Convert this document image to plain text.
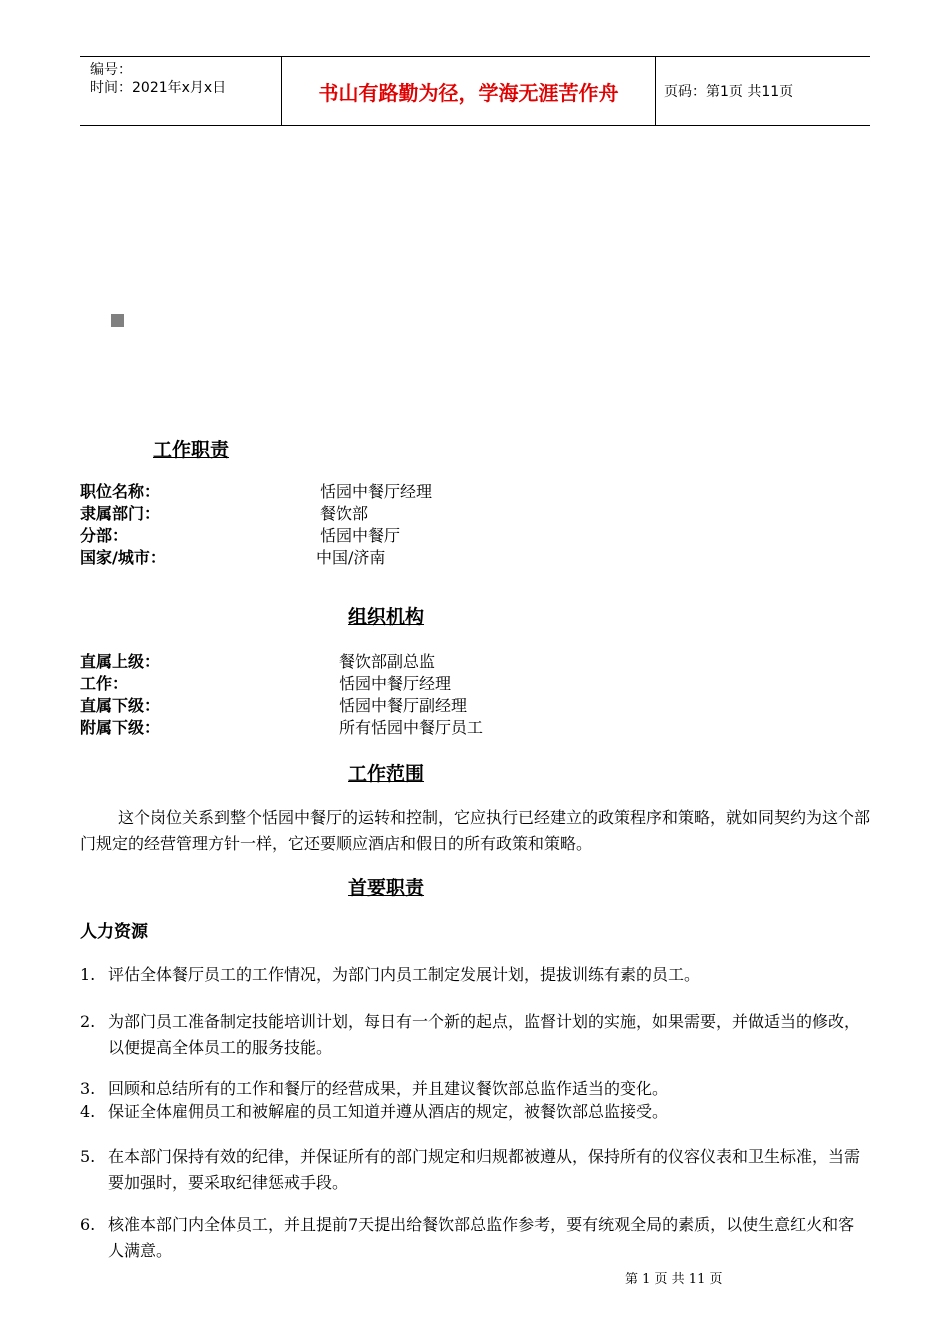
编号：
时间：2021年x月x日	书山有路勤为径，学海无涯苦作舟	页码：第1页 共11页
工作职责
职位名称：	恬园中餐厅经理
隶属部门：	餐饮部
分部：	恬园中餐厅
国家/城市：	中国/济南
组织机构
直属上级：	餐饮部副总监
工作：	恬园中餐厅经理
直属下级：	恬园中餐厅副经理
附属下级：	所有恬园中餐厅员工
工作范围
这个岗位关系到整个恬园中餐厅的运转和控制，它应执行已经建立的政策程序和策略，就如同契约为这个部门规定的经营管理方针一样，它还要顺应酒店和假日的所有政策和策略。
首要职责
人力资源
1. 评估全体餐厅员工的工作情况，为部门内员工制定发展计划，提拔训练有素的员工。
2. 为部门员工准备制定技能培训计划，每日有一个新的起点，监督计划的实施，如果需要，并做适当的修改，以便提高全体员工的服务技能。
3. 回顾和总结所有的工作和餐厅的经营成果，并且建议餐饮部总监作适当的变化。
4. 保证全体雇佣员工和被解雇的员工知道并遵从酒店的规定，被餐饮部总监接受。
5. 在本部门保持有效的纪律，并保证所有的部门规定和归规都被遵从，保持所有的仪容仪表和卫生标准，当需要加强时，要采取纪律惩戒手段。
6. 核准本部门内全体员工，并且提前7天提出给餐饮部总监作参考，要有统观全局的素质，以使生意红火和客人满意。
第 1 页 共 11 页
